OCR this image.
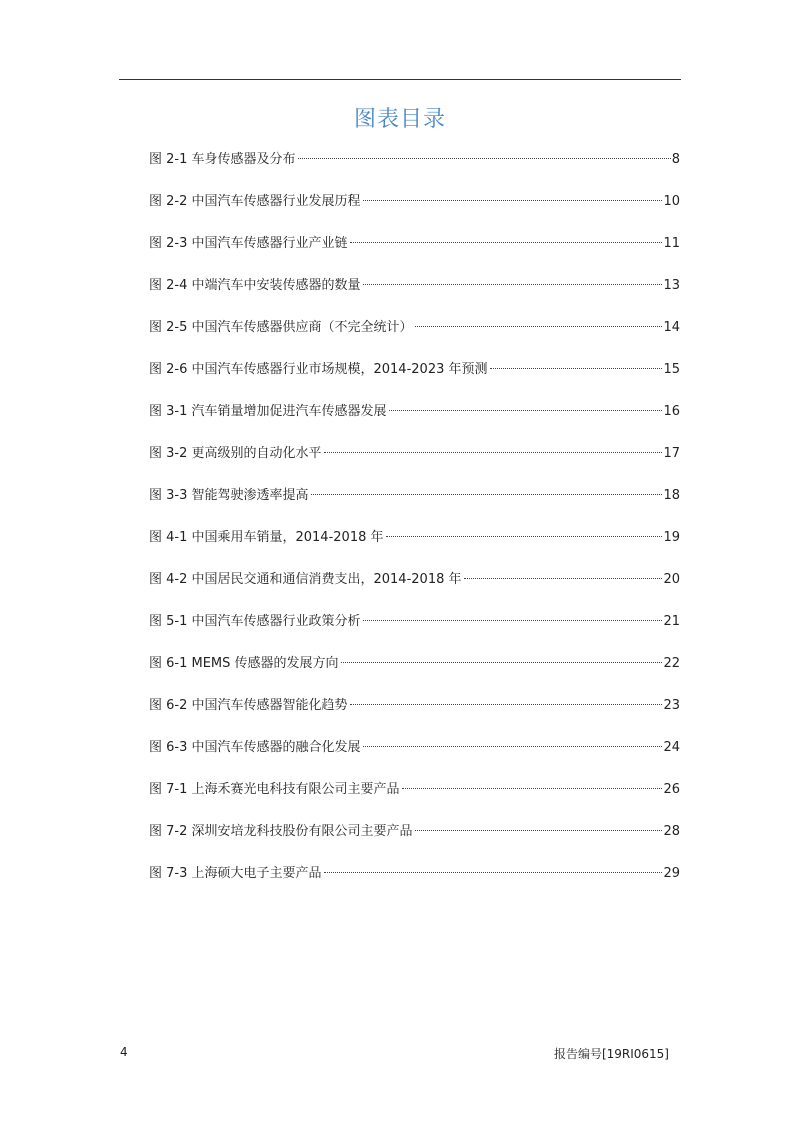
图表目录
图 2-1 车身传感器及分布	8
图 2-2 中国汽车传感器行业发展历程	10
图 2-3 中国汽车传感器行业产业链	11
图 2-4 中端汽车中安装传感器的数量	13
图 2-5 中国汽车传感器供应商（不完全统计）	14
图 2-6 中国汽车传感器行业市场规模，2014-2023 年预测	15
图 3-1 汽车销量增加促进汽车传感器发展	16
图 3-2 更高级别的自动化水平	17
图 3-3 智能驾驶渗透率提高	18
图 4-1 中国乘用车销量，2014-2018 年	19
图 4-2 中国居民交通和通信消费支出，2014-2018 年	20
图 5-1 中国汽车传感器行业政策分析	21
图 6-1 MEMS 传感器的发展方向	22
图 6-2 中国汽车传感器智能化趋势	23
图 6-3 中国汽车传感器的融合化发展	24
图 7-1 上海禾赛光电科技有限公司主要产品	26
图 7-2 深圳安培龙科技股份有限公司主要产品	28
图 7-3 上海硕大电子主要产品	29
4	报告编号[19RI0615]
